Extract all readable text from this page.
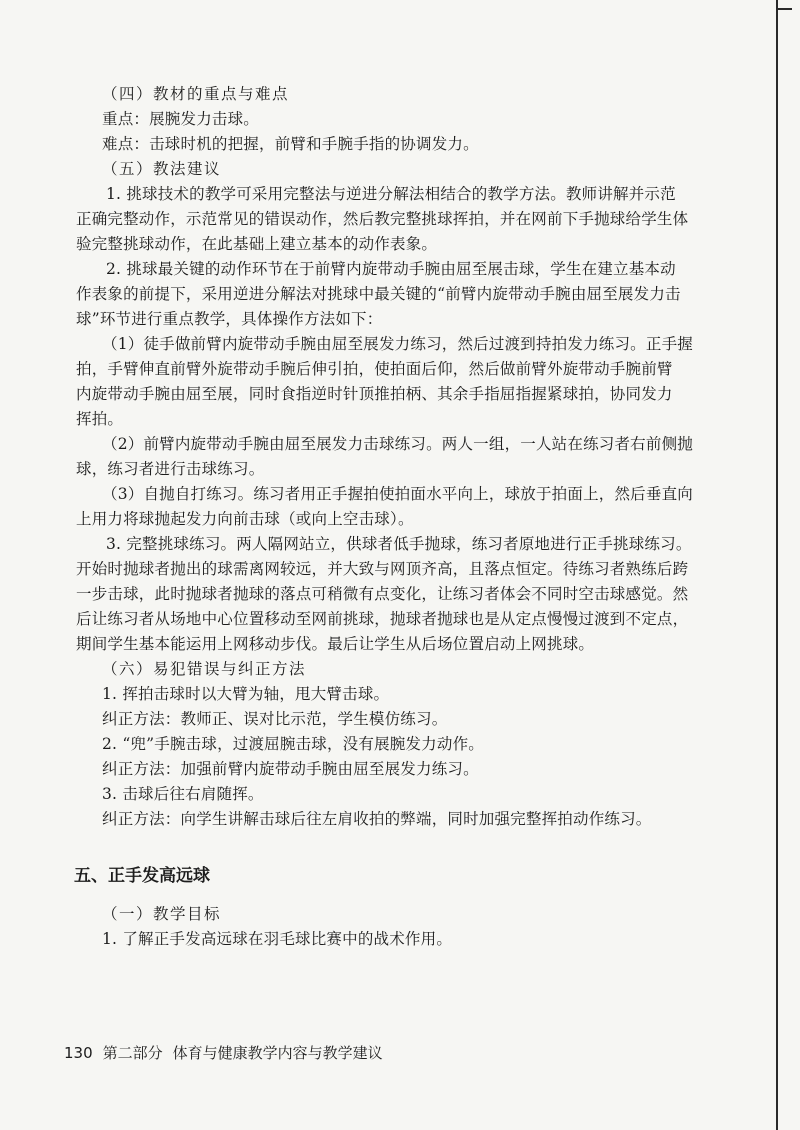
（四）教材的重点与难点
重点：展腕发力击球。
难点：击球时机的把握，前臂和手腕手指的协调发力。
（五）教法建议
1. 挑球技术的教学可采用完整法与逆进分解法相结合的教学方法。教师讲解并示范
正确完整动作，示范常见的错误动作，然后教完整挑球挥拍，并在网前下手抛球给学生体
验完整挑球动作，在此基础上建立基本的动作表象。
2. 挑球最关键的动作环节在于前臂内旋带动手腕由屈至展击球，学生在建立基本动
作表象的前提下，采用逆进分解法对挑球中最关键的“前臂内旋带动手腕由屈至展发力击
球”环节进行重点教学，具体操作方法如下：
（1）徒手做前臂内旋带动手腕由屈至展发力练习，然后过渡到持拍发力练习。正手握
拍，手臂伸直前臂外旋带动手腕后伸引拍，使拍面后仰，然后做前臂外旋带动手腕前臂
内旋带动手腕由屈至展，同时食指逆时针顶推拍柄、其余手指屈指握紧球拍，协同发力
挥拍。
（2）前臂内旋带动手腕由屈至展发力击球练习。两人一组，一人站在练习者右前侧抛
球，练习者进行击球练习。
（3）自抛自打练习。练习者用正手握拍使拍面水平向上，球放于拍面上，然后垂直向
上用力将球抛起发力向前击球（或向上空击球）。
3. 完整挑球练习。两人隔网站立，供球者低手抛球，练习者原地进行正手挑球练习。
开始时抛球者抛出的球需离网较远，并大致与网顶齐高，且落点恒定。待练习者熟练后跨
一步击球，此时抛球者抛球的落点可稍微有点变化，让练习者体会不同时空击球感觉。然
后让练习者从场地中心位置移动至网前挑球，抛球者抛球也是从定点慢慢过渡到不定点，
期间学生基本能运用上网移动步伐。最后让学生从后场位置启动上网挑球。
（六）易犯错误与纠正方法
1. 挥拍击球时以大臂为轴，甩大臂击球。
纠正方法：教师正、误对比示范，学生模仿练习。
2. “兜”手腕击球，过渡屈腕击球，没有展腕发力动作。
纠正方法：加强前臂内旋带动手腕由屈至展发力练习。
3. 击球后往右肩随挥。
纠正方法：向学生讲解击球后往左肩收拍的弊端，同时加强完整挥拍动作练习。
五、正手发高远球
（一）教学目标
1. 了解正手发高远球在羽毛球比赛中的战术作用。
130 第二部分 体育与健康教学内容与教学建议
